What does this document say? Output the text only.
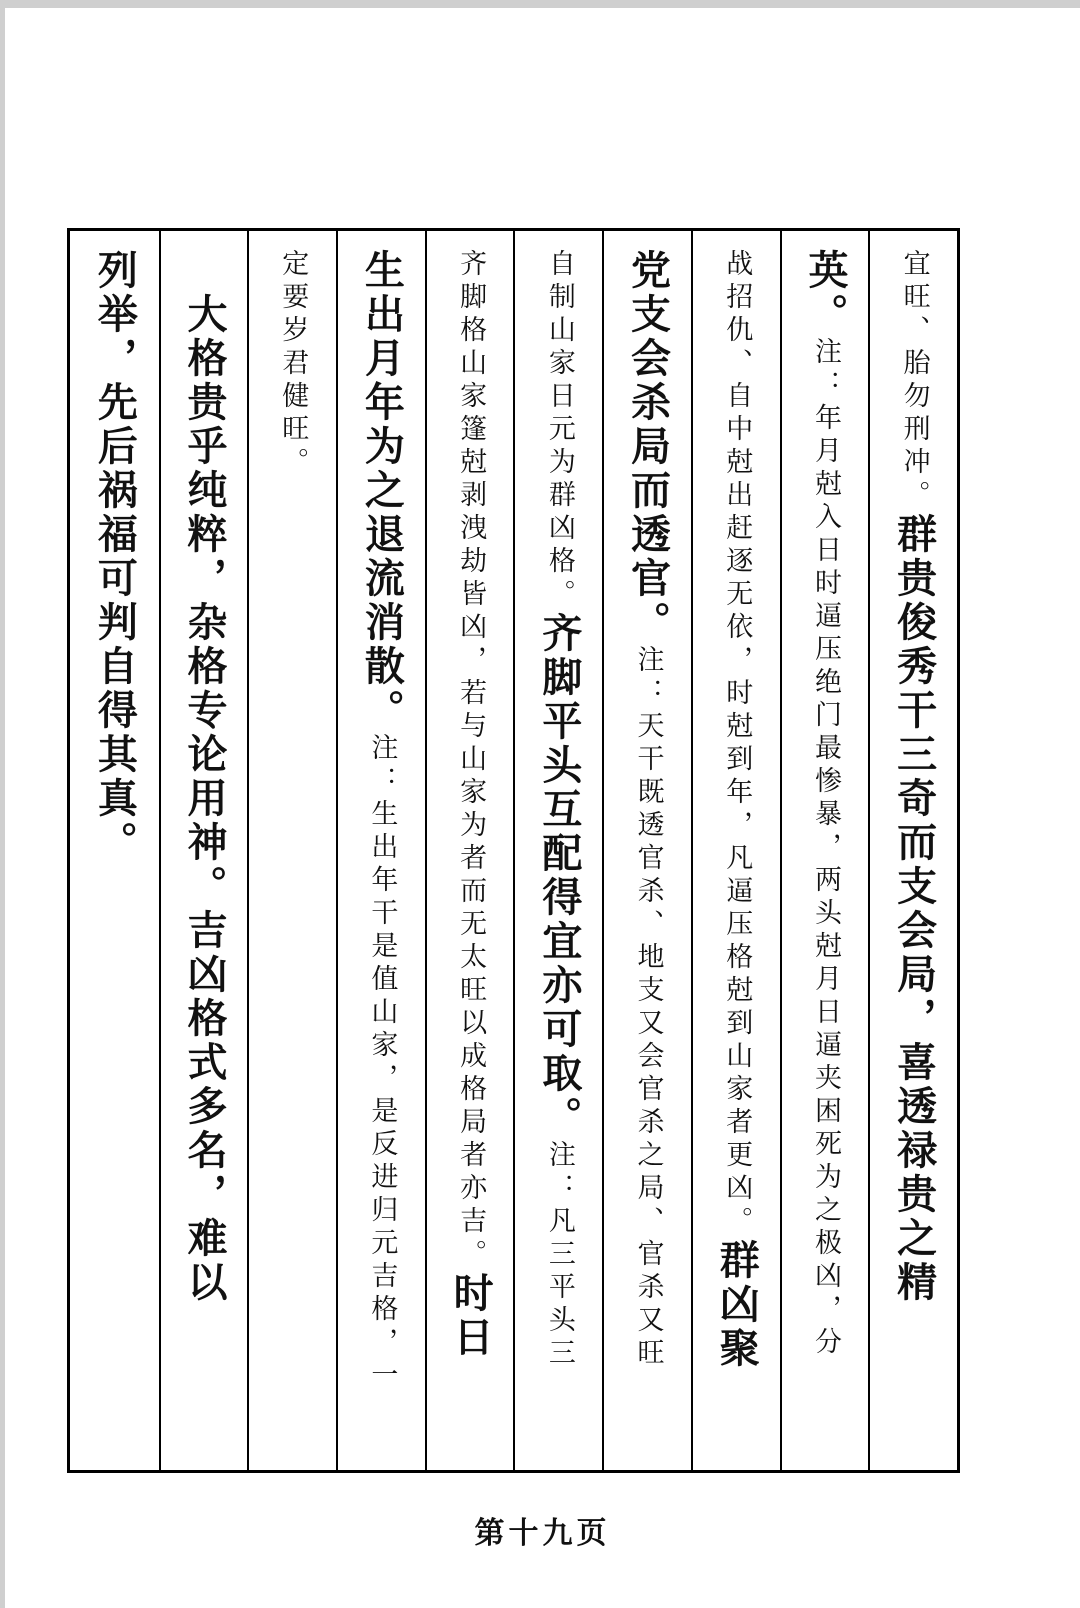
宜旺、胎勿刑冲。群贵俊秀干三奇而支会局，喜透禄贵之精
英。注：年月尅入日时逼压绝门最惨暴，两头尅月日逼夹困死为之极凶，分
战招仇、自中尅出赶逐无依，时尅到年，凡逼压格尅到山家者更凶。群凶聚
党支会杀局而透官。注：天干既透官杀、地支又会官杀之局、官杀又旺
自制山家日元为群凶格。齐脚平头互配得宜亦可取。注：凡三平头三
齐脚格山家篷尅剥洩劫皆凶，若与山家为者而无太旺以成格局者亦吉。时日
生出月年为之退流消散。注：生出年干是值山家，是反进归元吉格，一
定要岁君健旺。
　大格贵乎纯粹，杂格专论用神。吉凶格式多名，难以
列举，先后祸福可判自得其真。
第十九页
